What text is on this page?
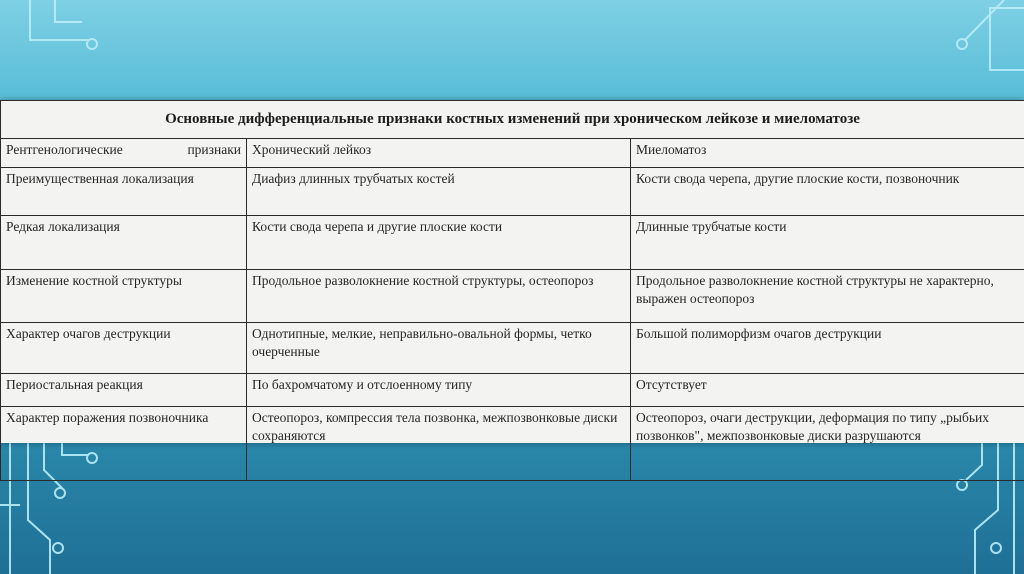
Основные дифференциальные признаки костных изменений при хроническом лейкозе и миеломатозе
Рентгенологические признаки	Хронический лейкоз	Миеломатоз
Преимущественная локализация	Диафиз длинных трубчатых костей	Кости свода черепа, другие плоские кости, позвоночник
Редкая локализация	Кости свода черепа и другие плоские кости	Длинные трубчатые кости
Изменение костной структуры	Продольное разволокнение костной структуры, остеопороз	Продольное разволокнение костной структуры не характерно, выражен остеопороз
Характер очагов деструкции	Однотипные, мелкие, неправильно-овальной формы, четко очерченные	Большой полиморфизм очагов деструкции
Периостальная реакция	По бахромчатому и отслоенному типу	Отсутствует
Характер поражения позвоночника	Остеопороз, компрессия тела позвонка, межпозвонковые диски сохраняются	Остеопороз, очаги деструкции, деформация по типу „рыбьих позвонков", межпозвонковые диски разрушаются
